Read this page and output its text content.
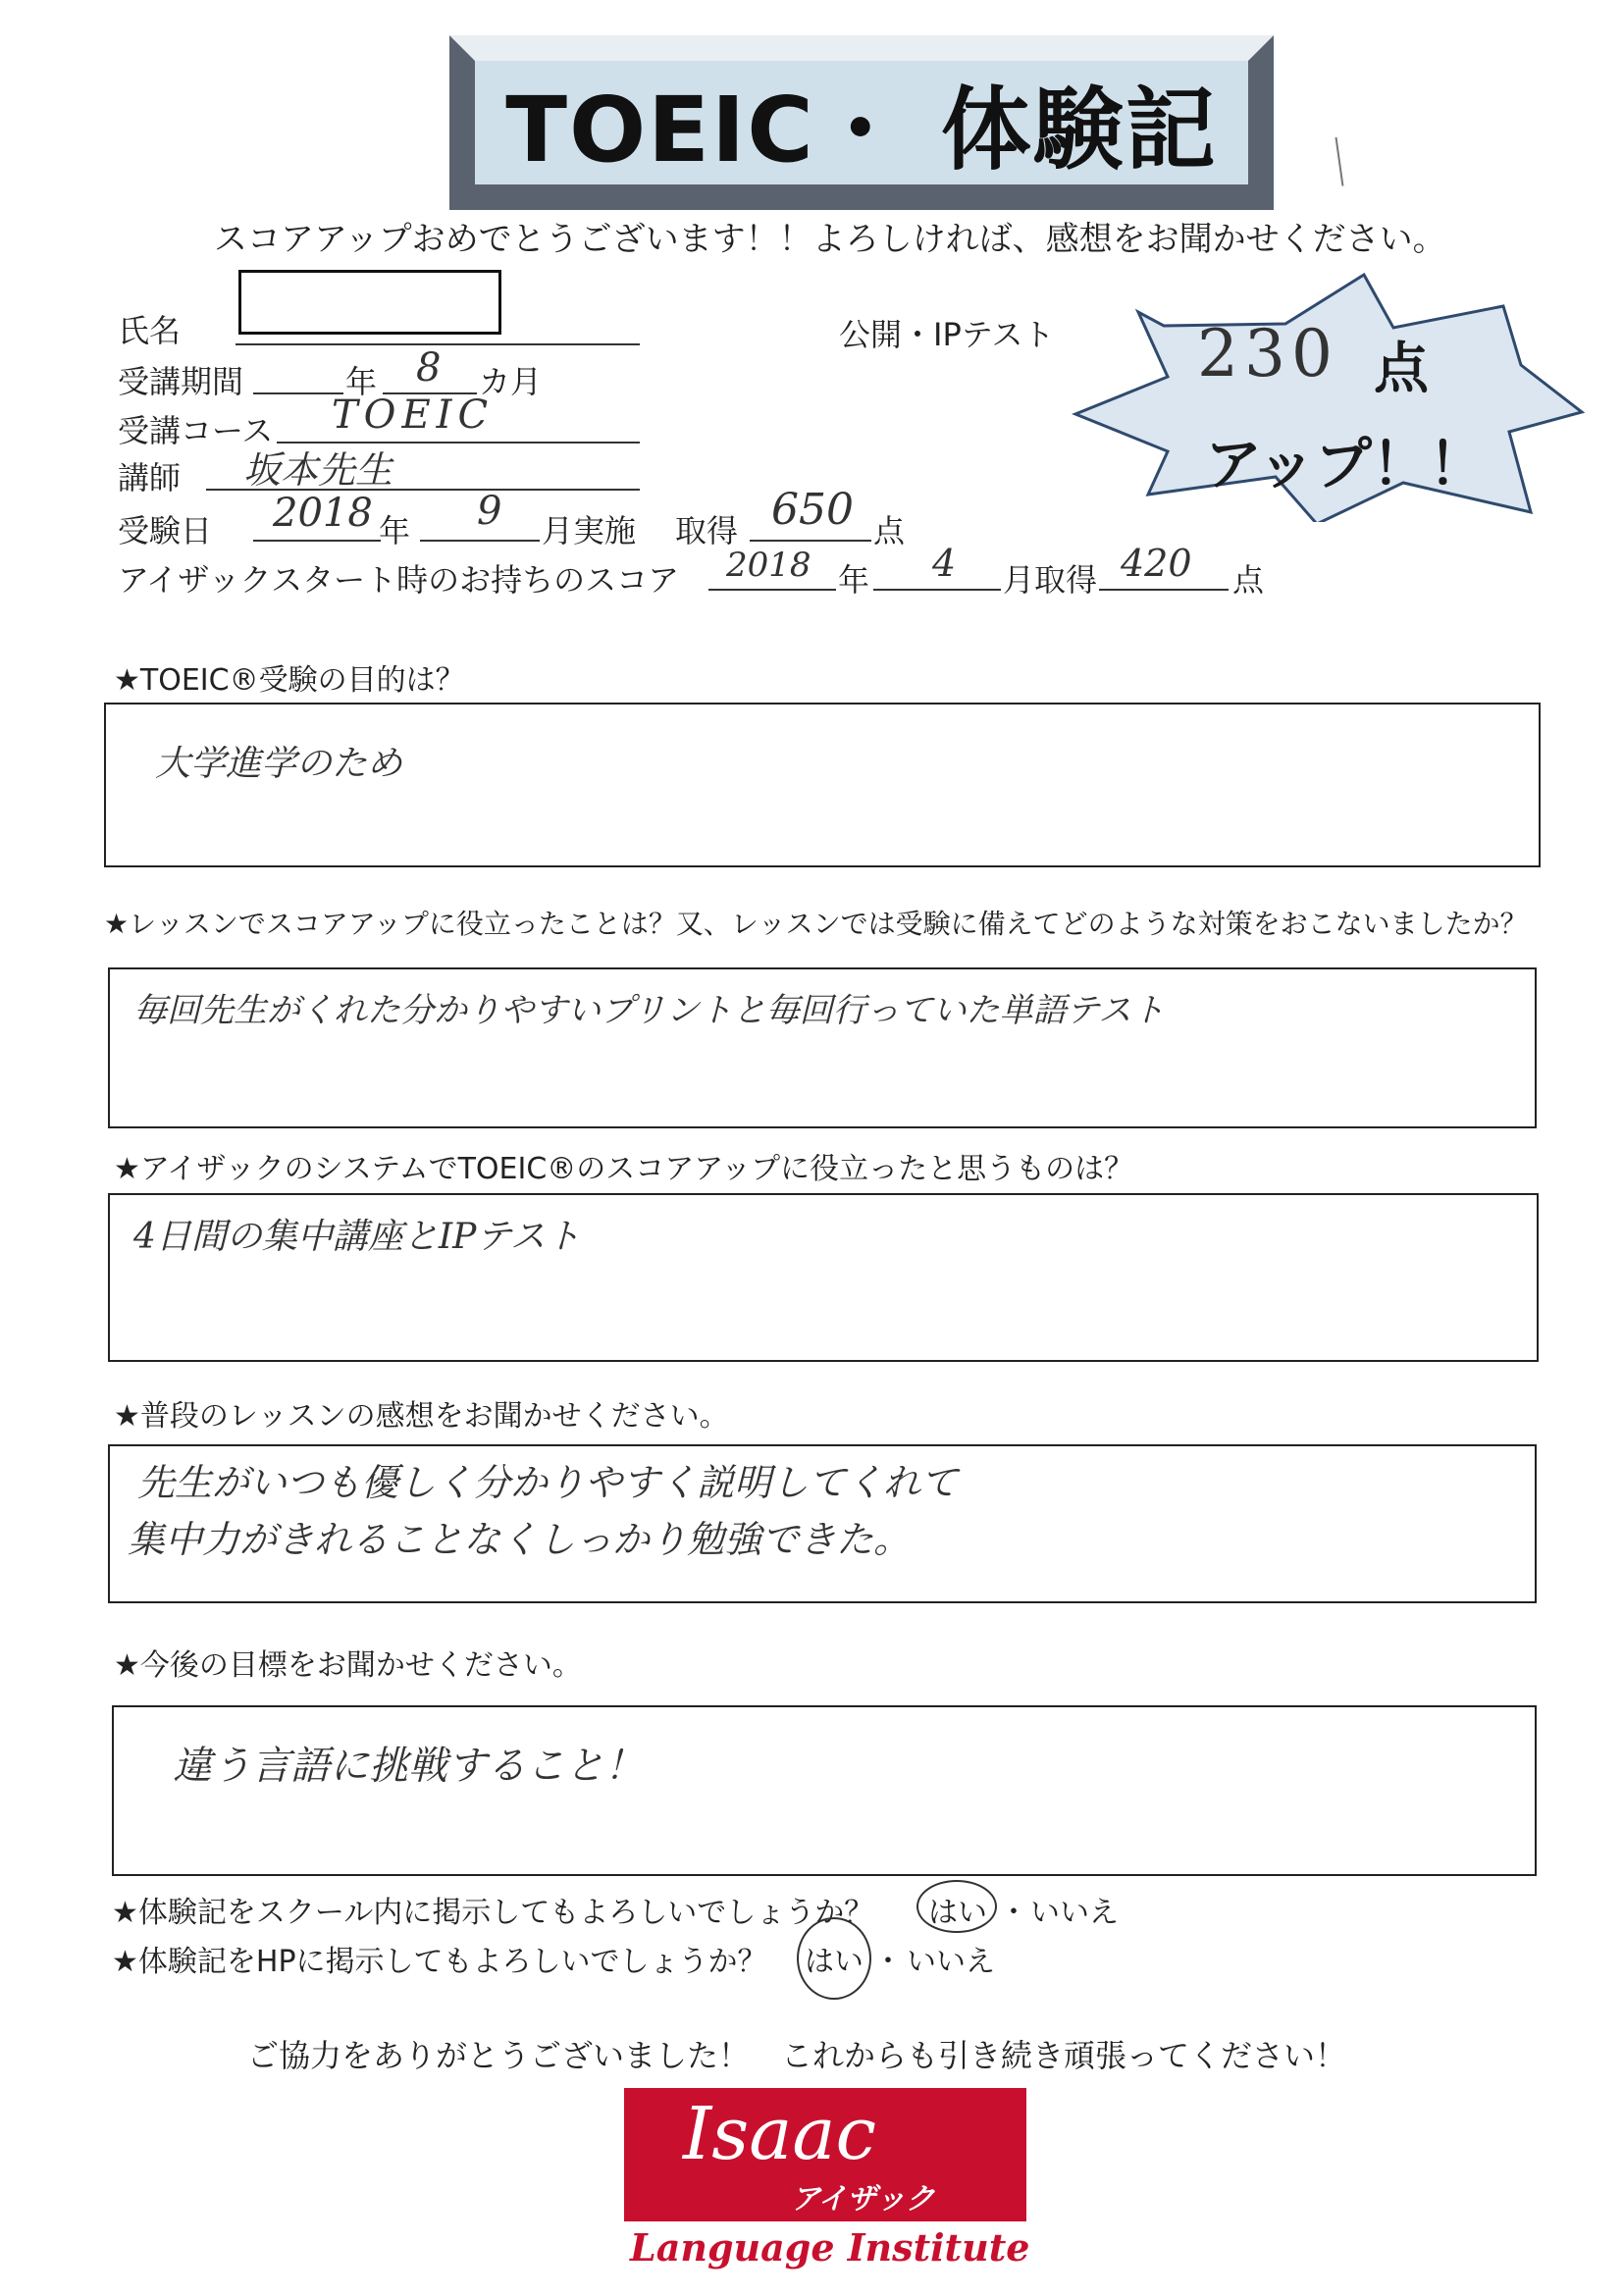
TOEIC・ 体験記
スコアアップおめでとうございます！！よろしければ、感想をお聞かせください。
氏名	公開・IPテスト
受講期間	年 8 カ月
受講コース TOEIC
講師 坂本先生
受験日 2018 年 9 月実施 取得 650 点
アイザックスタート時のお持ちのスコア 2018 年 4 月取得 420 点
230 点
アップ！！
★TOEIC®受験の目的は？
大学進学のため
★レッスンでスコアアップに役立ったことは？又、レッスンでは受験に備えてどのような対策をおこないましたか？
毎回先生がくれた分かりやすいプリントと毎回行っていた単語テスト
★アイザックのシステムでTOEIC®のスコアアップに役立ったと思うものは？
4日間の集中講座とIPテスト
★普段のレッスンの感想をお聞かせください。
先生がいつも優しく分かりやすく説明してくれて
集中力がきれることなくしっかり勉強できた。
★今後の目標をお聞かせください。
違う言語に挑戦すること！
★体験記をスクール内に掲示してもよろしいでしょうか？ はい ・ いいえ
★体験記をHPに掲示してもよろしいでしょうか？ はい ・ いいえ
ご協力をありがとうございました！　これからも引き続き頑張ってください！
Isaac
アイザック
Language Institute
